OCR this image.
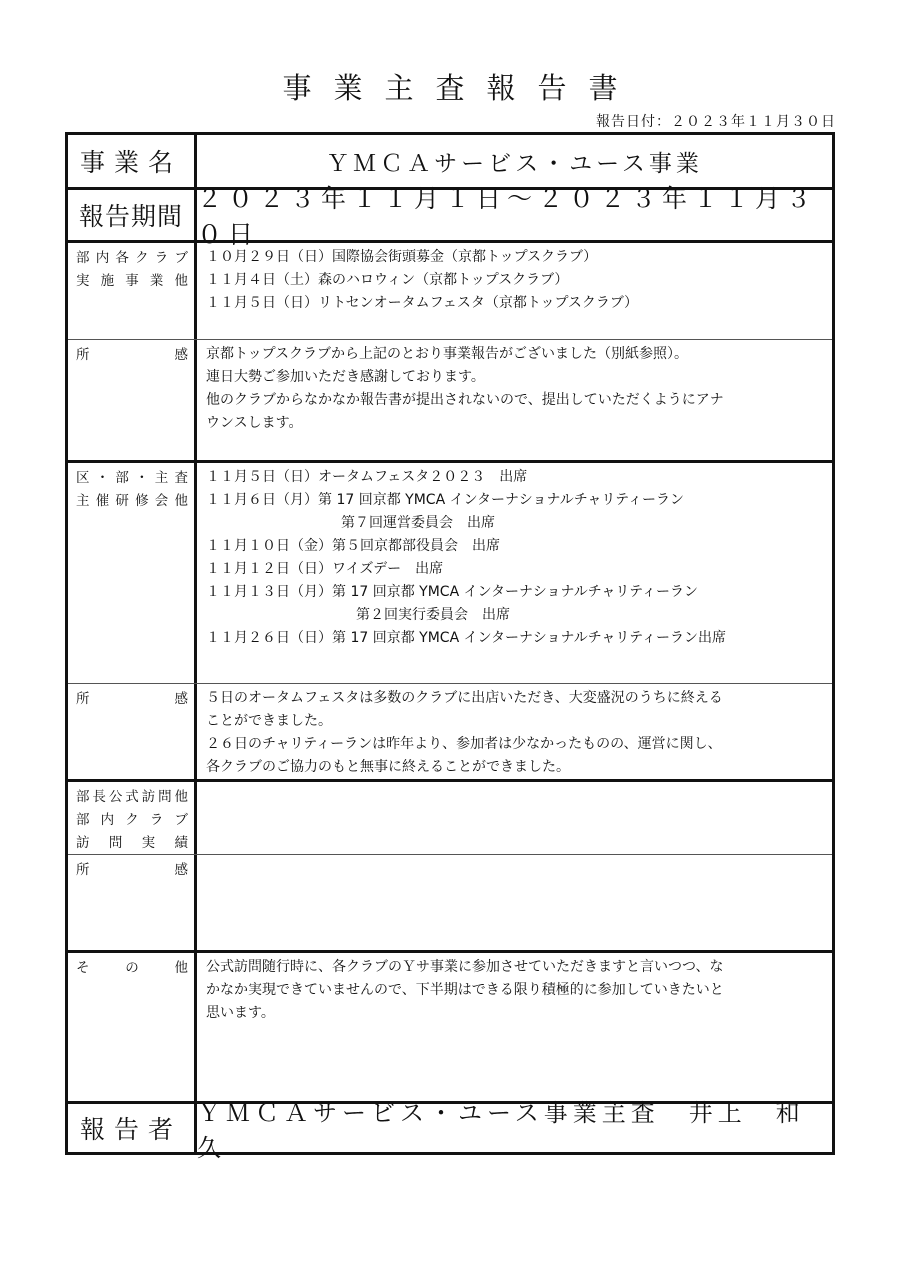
事業主査報告書
報告日付：２０２３年１１月３０日
事業名	ＹＭＣＡサービス・ユース事業
報告期間
２０２３年１１月１日〜２０２３年１１月３０日
部内各クラブ
実施事業他
１０月２９日（日）国際協会街頭募金（京都トップスクラブ）
１１月４日（土）森のハロウィン（京都トップスクラブ）
１１月５日（日）リトセンオータムフェスタ（京都トップスクラブ）
所感 京都トップスクラブから上記のとおり事業報告がございました（別紙参照）。
連日大勢ご参加いただき感謝しております。
他のクラブからなかなか報告書が提出されないので、提出していただくようにアナ
ウンスします。
区・部・主査
主催研修会他
１１月５日（日）オータムフェスタ２０２３　出席
１１月６日（月）第 17 回京都 YMCA インターナショナルチャリティーラン
第７回運営委員会　出席
１１月１０日（金）第５回京都部役員会　出席
１１月１２日（日）ワイズデー　出席
１１月１３日（月）第 17 回京都 YMCA インターナショナルチャリティーラン
第２回実行委員会　出席
１１月２６日（日）第 17 回京都 YMCA インターナショナルチャリティーラン出席
所感 ５日のオータムフェスタは多数のクラブに出店いただき、大変盛況のうちに終える
ことができました。
２６日のチャリティーランは昨年より、参加者は少なかったものの、運営に関し、
各クラブのご協力のもと無事に終えることができました。
部長公式訪問他
部内クラブ
訪問実績
所感
その他 公式訪問随行時に、各クラブのＹサ事業に参加させていただきますと言いつつ、な
かなか実現できていませんので、下半期はできる限り積極的に参加していきたいと
思います。
報告者
ＹＭＣＡサービス・ユース事業主査　井上　和久
